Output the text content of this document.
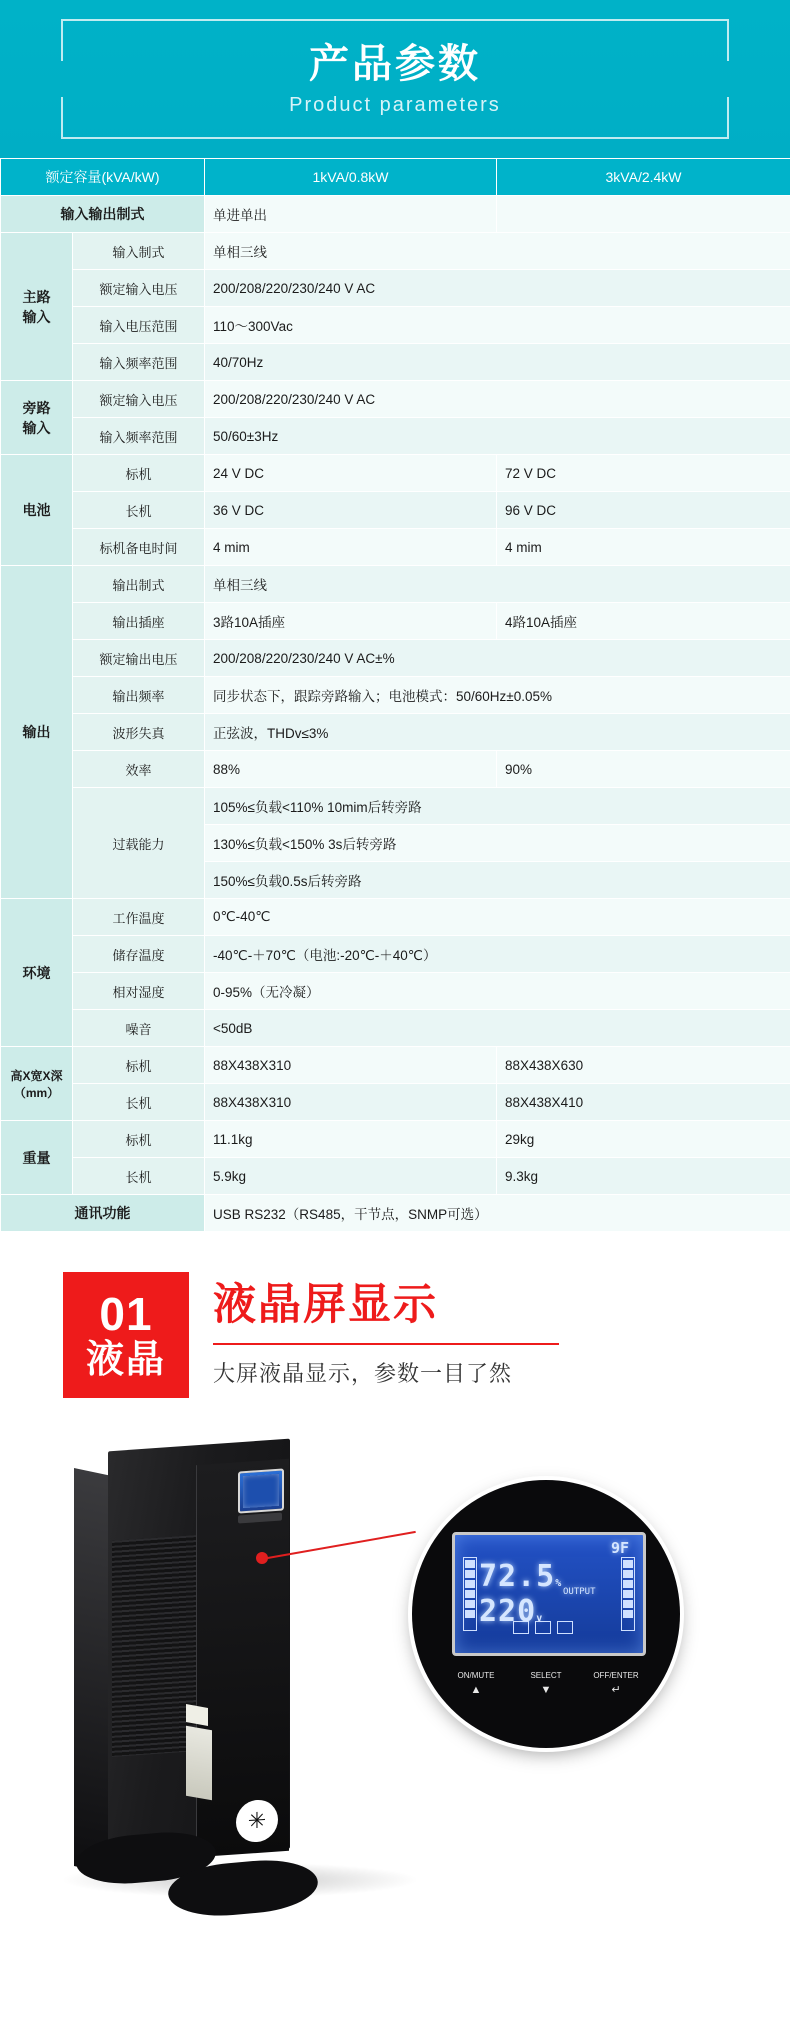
产品参数
Product parameters
额定容量(kVA/kW)		1kVA/0.8kW	3kVA/2.4kW
输入输出制式		单进单出	
主路
输入	输入制式	单相三线	
	额定输入电压	200/208/220/230/240 V AC	
	输入电压范围	110～300Vac	
	输入频率范围	40/70Hz	
旁路
输入	额定输入电压	200/208/220/230/240 V AC	
	输入频率范围	50/60±3Hz	
电池	标机	24 V DC	72 V DC
	长机	36 V DC	96 V DC
	标机备电时间	4 mim	4 mim
输出	输出制式	单相三线	
	输出插座	3路10A插座	4路10A插座
	额定输出电压	200/208/220/230/240 V AC±%	
	输出频率	同步状态下，跟踪旁路输入；电池模式：50/60Hz±0.05%	
	波形失真	正弦波，THDv≤3%	
	效率	88%	90%
	过载能力	105%≤负载<110% 10mim后转旁路	
		130%≤负载<150% 3s后转旁路	
		150%≤负载0.5s后转旁路	
环境	工作温度	0℃-40℃	
	储存温度	-40℃-＋70℃（电池:-20℃-＋40℃）	
	相对湿度	0-95%（无冷凝）	
	噪音	<50dB	
高X宽X深
（mm）	标机	88X438X310	88X438X630
	长机	88X438X310	88X438X410
重量	标机	11.1kg	29kg
	长机	5.9kg	9.3kg
通讯功能		USB RS232（RS485，干节点，SNMP可选）	
01
液晶
液晶屏显示
大屏液晶显示，参数一目了然
✳
9F
72.5% 220v
OUTPUT
ON/MUTE
▲
SELECT
▼
OFF/ENTER
↵
